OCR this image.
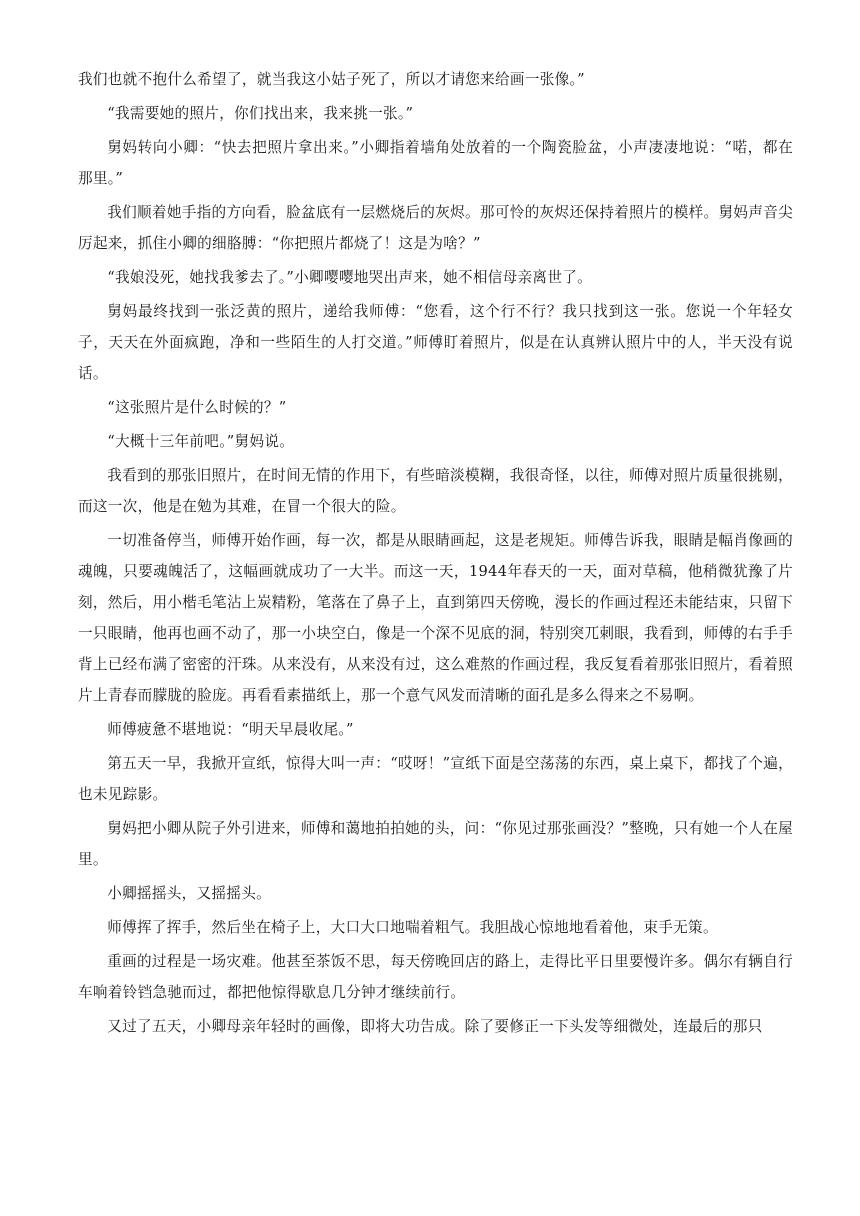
我们也就不抱什么希望了，就当我这小姑子死了，所以才请您来给画一张像。”

“我需要她的照片，你们找出来，我来挑一张。”

舅妈转向小卿：“快去把照片拿出来。”小卿指着墙角处放着的一个陶瓷脸盆，小声凄凄地说：“喏，都在那里。”

我们顺着她手指的方向看，脸盆底有一层燃烧后的灰烬。那可怜的灰烬还保持着照片的模样。舅妈声音尖厉起来，抓住小卿的细胳膊：“你把照片都烧了！这是为啥？”

“我娘没死，她找我爹去了。”小卿嘤嘤地哭出声来，她不相信母亲离世了。

舅妈最终找到一张泛黄的照片，递给我师傅：“您看，这个行不行？我只找到这一张。您说一个年轻女子，天天在外面疯跑，净和一些陌生的人打交道。”师傅盯着照片，似是在认真辨认照片中的人，半天没有说话。

“这张照片是什么时候的？”

“大概十三年前吧。”舅妈说。

我看到的那张旧照片，在时间无情的作用下，有些暗淡模糊，我很奇怪，以往，师傅对照片质量很挑剔，而这一次，他是在勉为其难，在冒一个很大的险。

一切准备停当，师傅开始作画，每一次，都是从眼睛画起，这是老规矩。师傅告诉我，眼睛是幅肖像画的魂魄，只要魂魄活了，这幅画就成功了一大半。而这一天，1944年春天的一天，面对草稿，他稍微犹豫了片刻，然后，用小楷毛笔沾上炭精粉，笔落在了鼻子上，直到第四天傍晚，漫长的作画过程还未能结束，只留下一只眼睛，他再也画不动了，那一小块空白，像是一个深不见底的洞，特别突兀刺眼，我看到，师傅的右手手背上已经布满了密密的汗珠。从来没有，从来没有过，这么难熬的作画过程，我反复看着那张旧照片，看着照片上青春而朦胧的脸庞。再看看素描纸上，那一个意气风发而清晰的面孔是多么得来之不易啊。

师傅疲惫不堪地说：“明天早晨收尾。”

第五天一早，我掀开宣纸，惊得大叫一声：“哎呀！”宣纸下面是空荡荡的东西，桌上桌下，都找了个遍，也未见踪影。

舅妈把小卿从院子外引进来，师傅和蔼地拍拍她的头，问：“你见过那张画没？”整晚，只有她一个人在屋里。

小卿摇摇头，又摇摇头。

师傅挥了挥手，然后坐在椅子上，大口大口地喘着粗气。我胆战心惊地地看着他，束手无策。

重画的过程是一场灾难。他甚至茶饭不思，每天傍晚回店的路上，走得比平日里要慢许多。偶尔有辆自行车响着铃铛急驰而过，都把他惊得歇息几分钟才继续前行。

又过了五天，小卿母亲年轻时的画像，即将大功告成。除了要修正一下头发等细微处，连最后的那只
